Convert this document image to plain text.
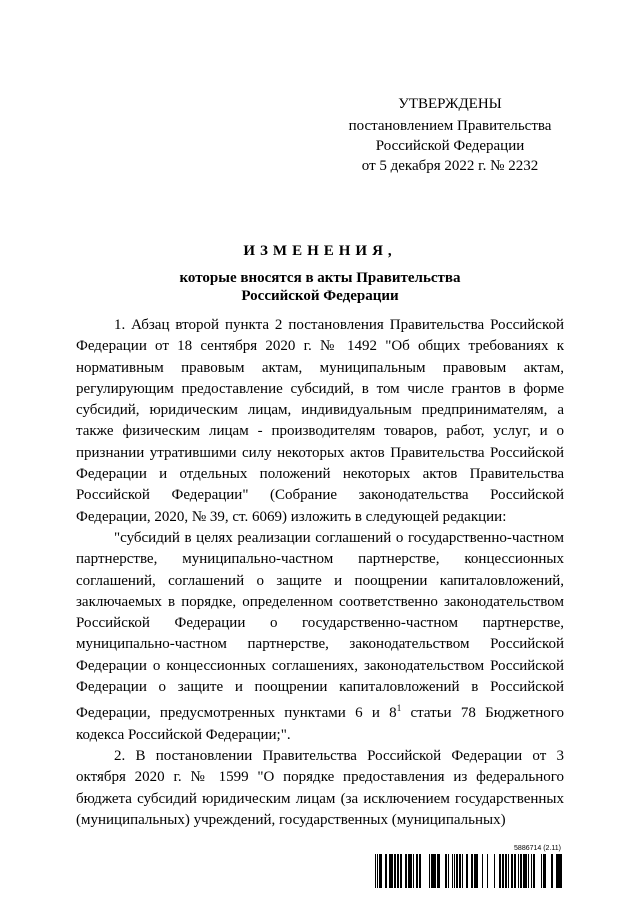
УТВЕРЖДЕНЫ
постановлением Правительства
Российской Федерации
от 5 декабря 2022 г. № 2232
ИЗМЕНЕНИЯ,
которые вносятся в акты Правительства
Российской Федерации

1. Абзац второй пункта 2 постановления Правительства Российской Федерации от 18 сентября 2020 г. № 1492 "Об общих требованиях к нормативным правовым актам, муниципальным правовым актам, регулирующим предоставление субсидий, в том числе грантов в форме субсидий, юридическим лицам, индивидуальным предпринимателям, а также физическим лицам - производителям товаров, работ, услуг, и о признании утратившими силу некоторых актов Правительства Российской Федерации и отдельных положений некоторых актов Правительства Российской Федерации" (Собрание законодательства Российской Федерации, 2020, № 39, ст. 6069) изложить в следующей редакции:

"субсидий в целях реализации соглашений о государственно-частном партнерстве, муниципально-частном партнерстве, концессионных соглашений, соглашений о защите и поощрении капиталовложений, заключаемых в порядке, определенном соответственно законодательством Российской Федерации о государственно-частном партнерстве, муниципально-частном партнерстве, законодательством Российской Федерации о концессионных соглашениях, законодательством Российской Федерации о защите и поощрении капиталовложений в Российской Федерации, предусмотренных пунктами 6 и $8^1$ статьи 78 Бюджетного кодекса Российской Федерации;".

2. В постановлении Правительства Российской Федерации от 3 октября 2020 г. № 1599 "О порядке предоставления из федерального бюджета субсидий юридическим лицам (за исключением государственных (муниципальных) учреждений, государственных (муниципальных)

5886714 (2.11)
